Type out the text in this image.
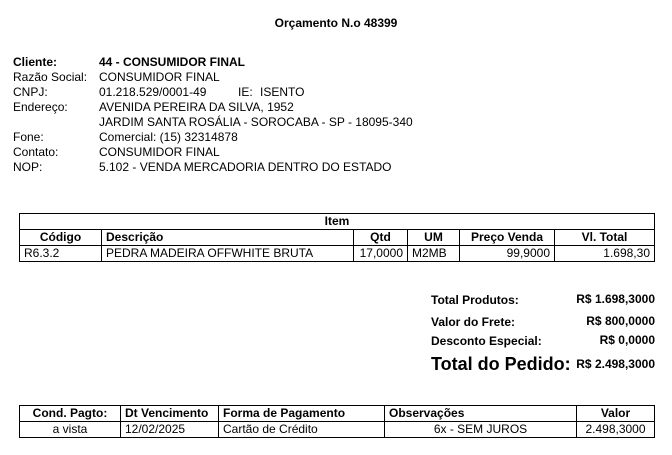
Orçamento N.o 48399
Cliente:	44 - CONSUMIDOR FINAL
Razão Social: CONSUMIDOR FINAL
CNPJ:	01.218.529/0001-49	IE: ISENTO
Endereço:	AVENIDA PEREIRA DA SILVA, 1952
JARDIM SANTA ROSÁLIA - SOROCABA - SP - 18095-340
Fone:	Comercial: (15) 32314878
Contato:	CONSUMIDOR FINAL
NOP:	5.102 - VENDA MERCADORIA DENTRO DO ESTADO
Item					
Código	Descrição	Qtd	UM	Preço Venda	Vl. Total
R6.3.2	PEDRA MADEIRA OFFWHITE BRUTA	17,0000	M2MB	99,9000	1.698,30
Total Produtos:	R$ 1.698,3000
Valor do Frete:	R$ 800,0000
Desconto Especial:	R$ 0,0000
Total do Pedido: R$ 2.498,3000
Cond. Pagto:	Dt Vencimento	Forma de Pagamento	Observações	Valor
a vista	12/02/2025	Cartão de Crédito	6x - SEM JUROS	2.498,3000
